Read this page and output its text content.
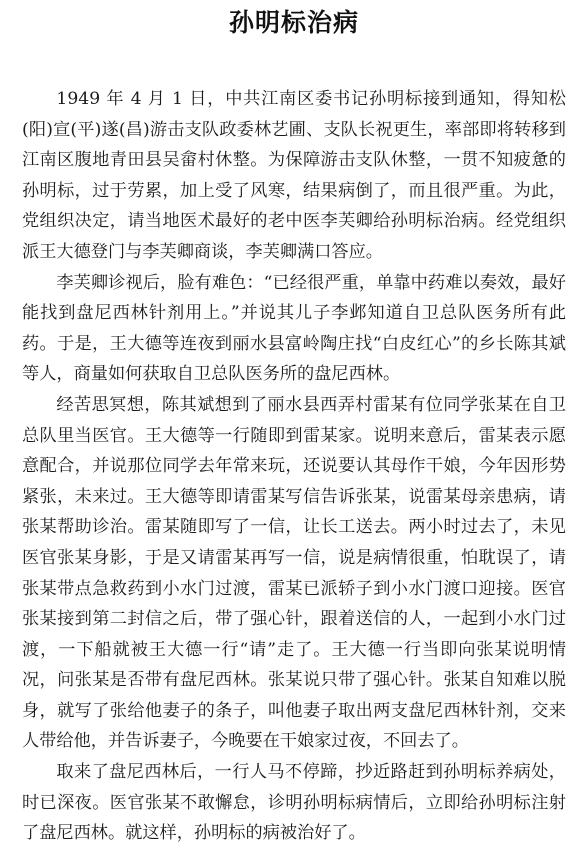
孙明标治病

1949 年 4 月 1 日，中共江南区委书记孙明标接到通知，得知松(阳)宣(平)遂(昌)游击支队政委林艺圃、支队长祝更生，率部即将转移到江南区腹地青田县吴畲村休整。为保障游击支队休整，一贯不知疲惫的孙明标，过于劳累，加上受了风寒，结果病倒了，而且很严重。为此，党组织决定，请当地医术最好的老中医李芙卿给孙明标治病。经党组织派王大德登门与李芙卿商谈，李芙卿满口答应。

李芙卿诊视后，脸有难色：“已经很严重，单靠中药难以奏效，最好能找到盘尼西林针剂用上。”并说其儿子李邺知道自卫总队医务所有此药。于是，王大德等连夜到丽水县富岭陶庄找“白皮红心”的乡长陈其斌等人，商量如何获取自卫总队医务所的盘尼西林。

经苦思冥想，陈其斌想到了丽水县西弄村雷某有位同学张某在自卫总队里当医官。王大德等一行随即到雷某家。说明来意后，雷某表示愿意配合，并说那位同学去年常来玩，还说要认其母作干娘，今年因形势紧张，未来过。王大德等即请雷某写信告诉张某，说雷某母亲患病，请张某帮助诊治。雷某随即写了一信，让长工送去。两小时过去了，未见医官张某身影，于是又请雷某再写一信，说是病情很重，怕耽误了，请张某带点急救药到小水门过渡，雷某已派轿子到小水门渡口迎接。医官张某接到第二封信之后，带了强心针，跟着送信的人，一起到小水门过渡，一下船就被王大德一行“请”走了。王大德一行当即向张某说明情况，问张某是否带有盘尼西林。张某说只带了强心针。张某自知难以脱身，就写了张给他妻子的条子，叫他妻子取出两支盘尼西林针剂，交来人带给他，并告诉妻子，今晚要在干娘家过夜，不回去了。

取来了盘尼西林后，一行人马不停蹄，抄近路赶到孙明标养病处，时已深夜。医官张某不敢懈怠，诊明孙明标病情后，立即给孙明标注射了盘尼西林。就这样，孙明标的病被治好了。
